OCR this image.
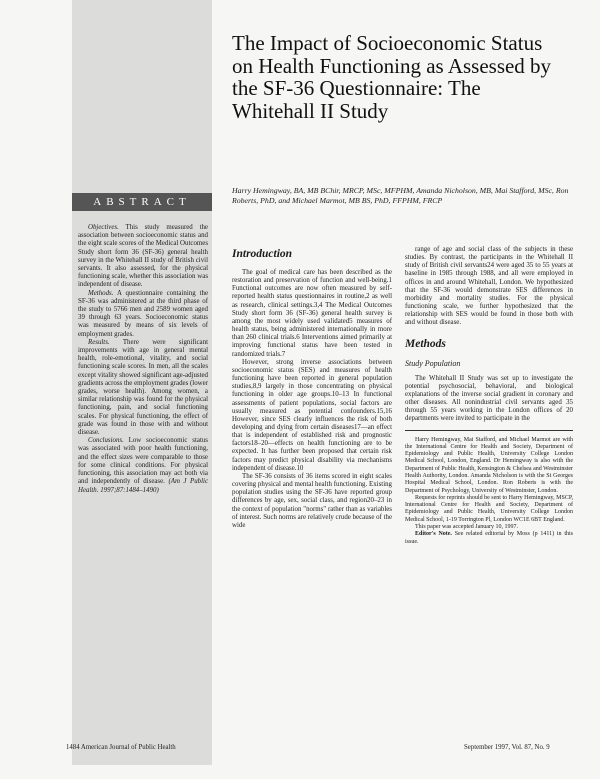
The Impact of Socioeconomic Status on Health Functioning as Assessed by the SF-36 Questionnaire: The Whitehall II Study
ABSTRACT

Objectives. This study measured the association between socioeconomic status and the eight scale scores of the Medical Outcomes Study short form 36 (SF-36) general health survey in the Whitehall II study of British civil servants. It also assessed, for the physical functioning scale, whether this association was independent of disease.

Methods. A questionnaire containing the SF-36 was administered at the third phase of the study to 5766 men and 2589 women aged 39 through 63 years. Socioeconomic status was measured by means of six levels of employment grades.

Results. There were significant improvements with age in general mental health, role-emotional, vitality, and social functioning scale scores. In men, all the scales except vitality showed significant age-adjusted gradients across the employment grades (lower grades, worse health). Among women, a similar relationship was found for the physical functioning, pain, and social functioning scales. For physical functioning, the effect of grade was found in those with and without disease.

Conclusions. Low socioeconomic status was associated with poor health functioning, and the effect sizes were comparable to those for some clinical conditions. For physical functioning, this association may act both via and independently of disease. (Am J Public Health. 1997;87:1484–1490)

Harry Hemingway, BA, MB BChir, MRCP, MSc, MFPHM, Amanda Nicholson, MB, Mai Stafford, MSc, Ron Roberts, PhD, and Michael Marmot, MB BS, PhD, FFPHM, FRCP
Introduction

The goal of medical care has been described as the restoration and preservation of function and well-being.1 Functional outcomes are now often measured by self-reported health status questionnaires in routine,2 as well as research, clinical settings.3,4 The Medical Outcomes Study short form 36 (SF-36) general health survey is among the most widely used validated5 measures of health status, being administered internationally in more than 260 clinical trials.6 Interventions aimed primarily at improving functional status have been tested in randomized trials.7

However, strong inverse associations between socioeconomic status (SES) and measures of health functioning have been reported in general population studies,8,9 largely in those concentrating on physical functioning in older age groups.10–13 In functional assessments of patient populations, social factors are usually measured as potential confounders.15,16 However, since SES clearly influences the risk of both developing and dying from certain diseases17—an effect that is independent of established risk and prognostic factors18–20—effects on health functioning are to be expected. It has further been proposed that certain risk factors may predict physical disability via mechanisms independent of disease.10

The SF-36 consists of 36 items scored in eight scales covering physical and mental health functioning. Existing population studies using the SF-36 have reported group differences by age, sex, social class, and region20–23 in the context of population "norms" rather than as variables of interest. Such norms are relatively crude because of the wide

range of age and social class of the subjects in these studies. By contrast, the participants in the Whitehall II study of British civil servants24 were aged 35 to 55 years at baseline in 1985 through 1988, and all were employed in offices in and around Whitehall, London. We hypothesized that the SF-36 would demonstrate SES differences in morbidity and mortality studies. For the physical functioning scale, we further hypothesized that the relationship with SES would be found in those both with and without disease.

Methods
Study Population

The Whitehall II Study was set up to investigate the potential psychosocial, behavioral, and biological explanations of the inverse social gradient in coronary and other diseases. All nonindustrial civil servants aged 35 through 55 years working in the London offices of 20 departments were invited to participate in the

Harry Hemingway, Mai Stafford, and Michael Marmot are with the International Centre for Health and Society, Department of Epidemiology and Public Health, University College London Medical School, London, England. Dr Hemingway is also with the Department of Public Health, Kensington & Chelsea and Westminster Health Authority, London. Amanda Nicholson is with the St Georges Hospital Medical School, London. Ron Roberts is with the Department of Psychology, University of Westminster, London.

Requests for reprints should be sent to Harry Hemingway, MSCP, International Centre for Health and Society, Department of Epidemiology and Public Health, University College London Medical School, 1-19 Torrington Pl, London WC1E 6BT England.

This paper was accepted January 10, 1997.

Editor's Note. See related editorial by Moss (p 1411) in this issue.

1484 American Journal of Public Health	September 1997, Vol. 87, No. 9
